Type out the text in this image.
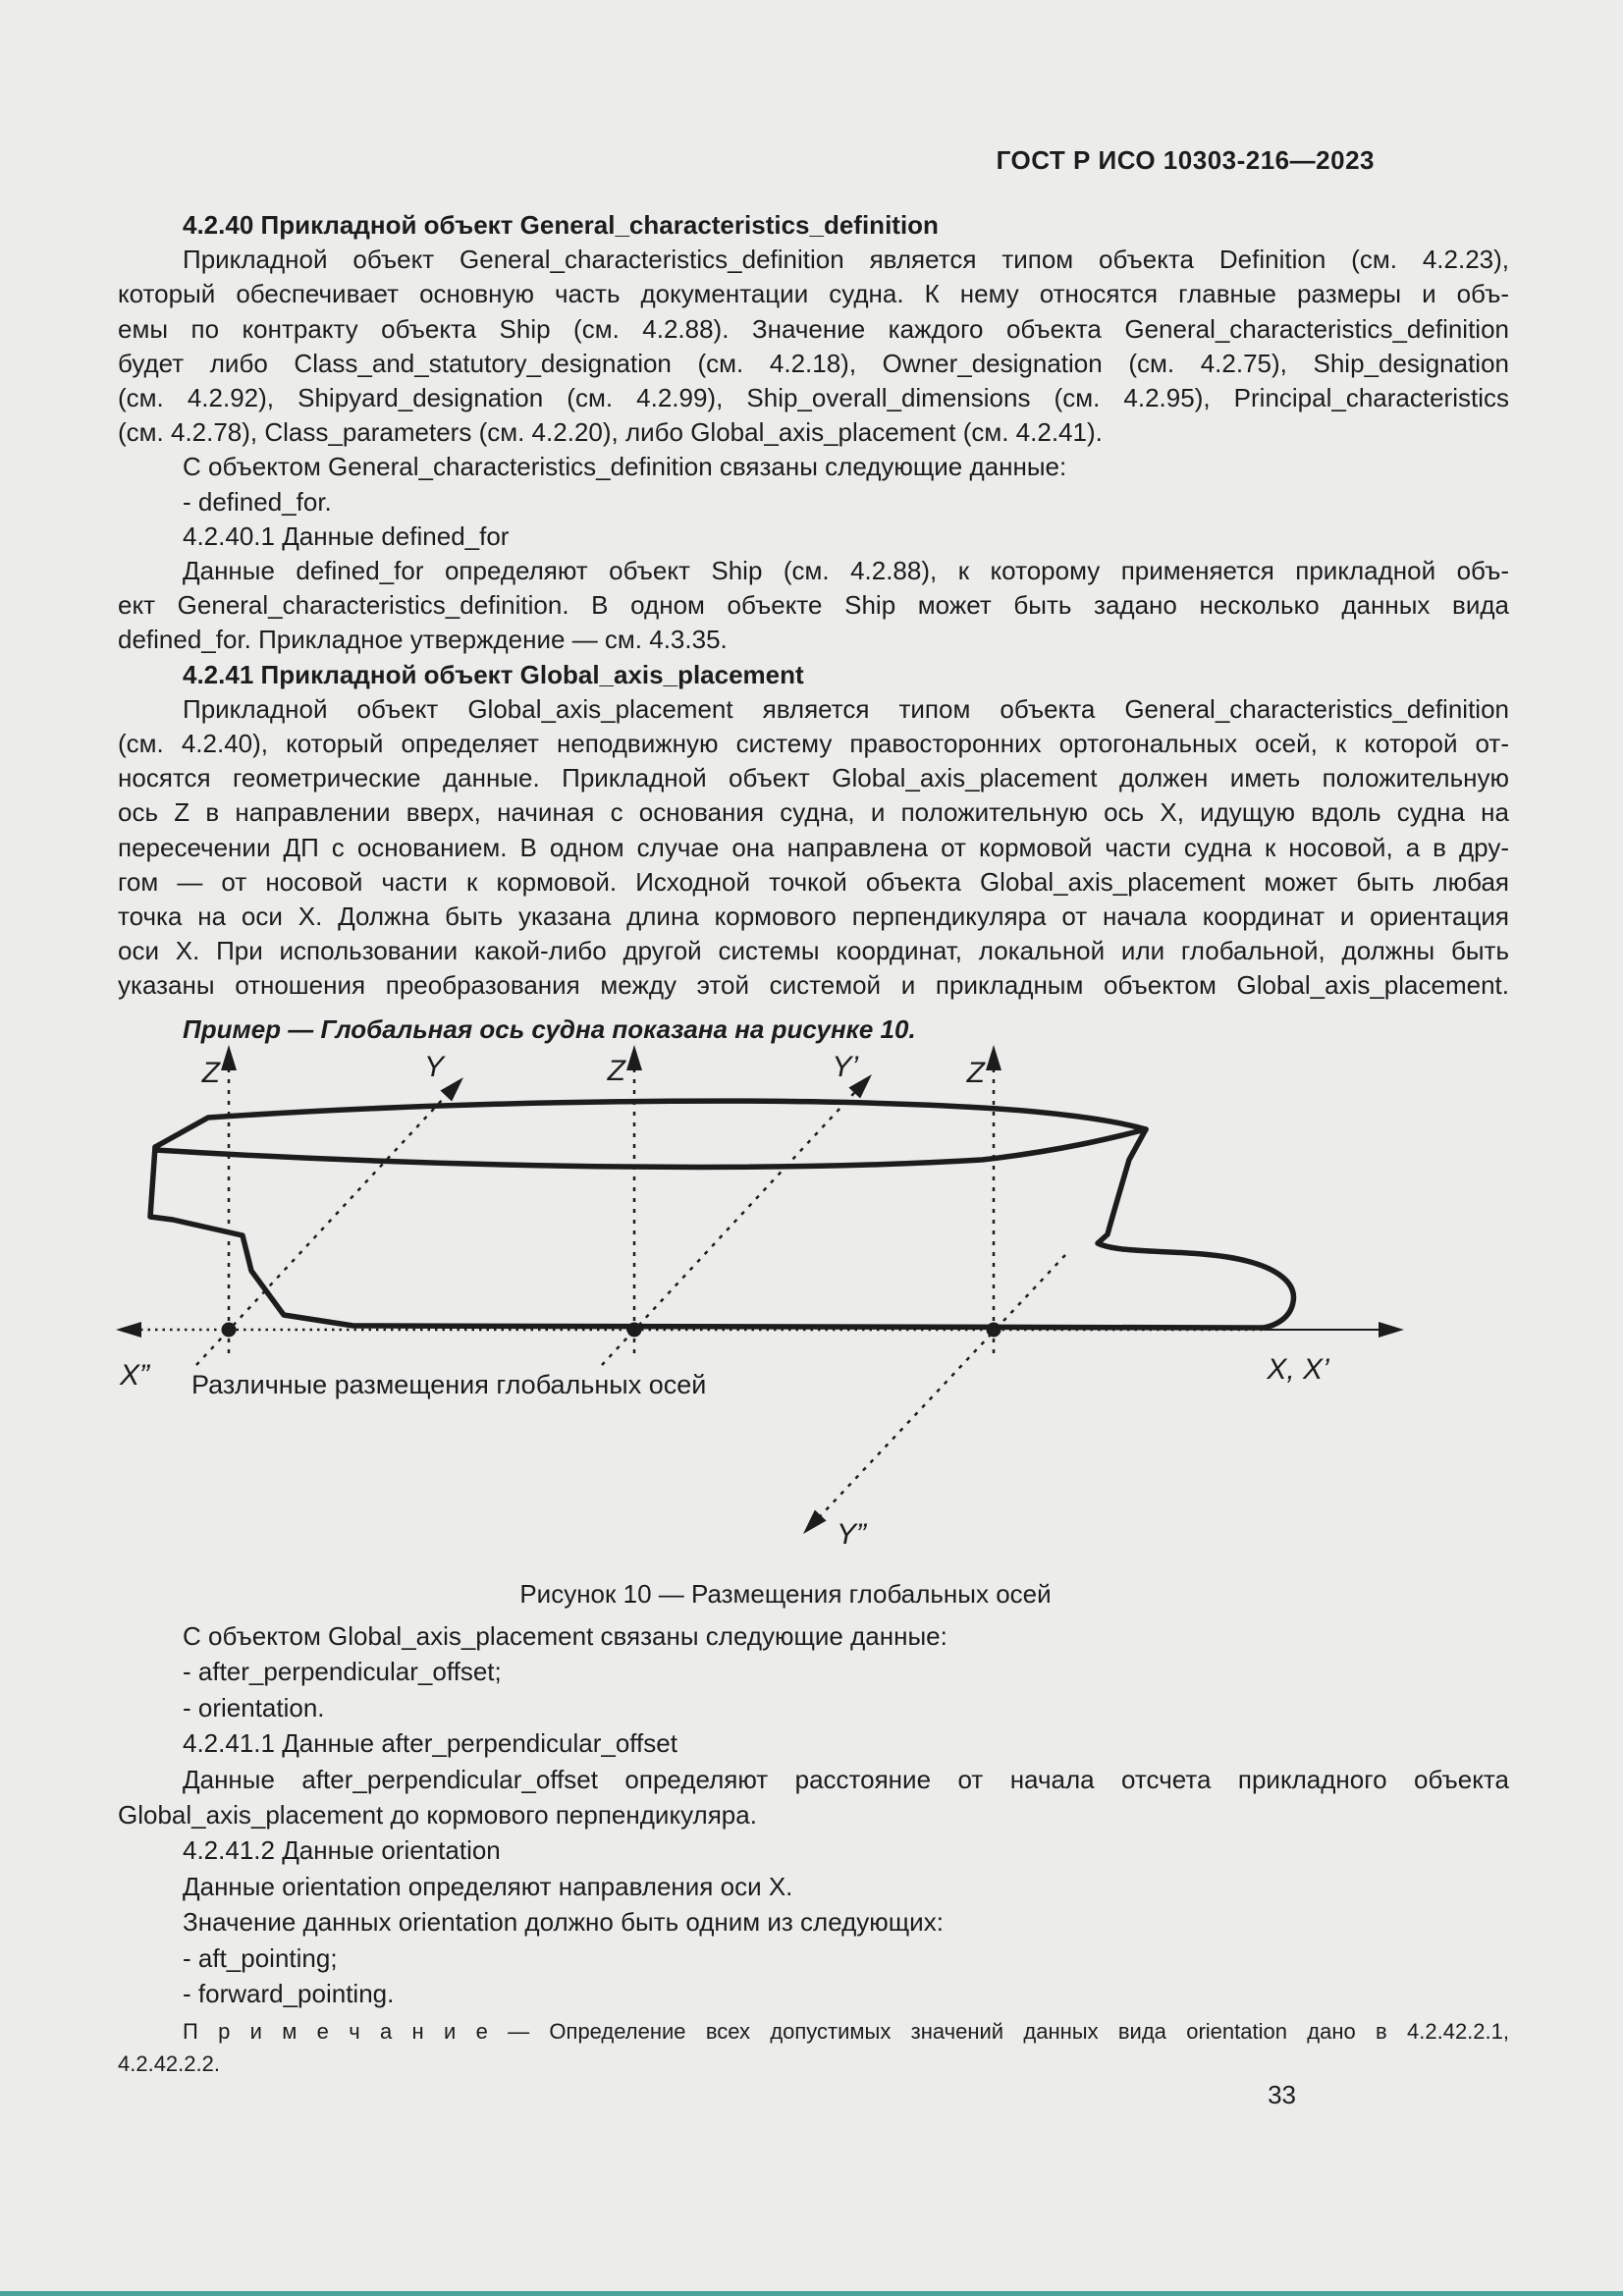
ГОСТ Р ИСО 10303-216—2023
4.2.40 Прикладной объект General_characteristics_definition
Прикладной объект General_characteristics_definition является типом объекта Definition (см. 4.2.23),
который обеспечивает основную часть документации судна. К нему относятся главные размеры и объ-
емы по контракту объекта Ship (см. 4.2.88). Значение каждого объекта General_characteristics_definition
будет либо Class_and_statutory_designation (см. 4.2.18), Owner_designation (см. 4.2.75), Ship_designation
(см. 4.2.92), Shipyard_designation (см. 4.2.99), Ship_overall_dimensions (см. 4.2.95), Principal_characteristics
(см. 4.2.78), Class_parameters (см. 4.2.20), либо Global_axis_placement (см. 4.2.41).
С объектом General_characteristics_definition связаны следующие данные:
- defined_for.
4.2.40.1 Данные defined_for
Данные defined_for определяют объект Ship (см. 4.2.88), к которому применяется прикладной объ-
ект General_characteristics_definition. В одном объекте Ship может быть задано несколько данных вида
defined_for. Прикладное утверждение — см. 4.3.35.
4.2.41 Прикладной объект Global_axis_placement
Прикладной объект Global_axis_placement является типом объекта General_characteristics_definition
(см. 4.2.40), который определяет неподвижную систему правосторонних ортогональных осей, к которой от-
носятся геометрические данные. Прикладной объект Global_axis_placement должен иметь положительную
ось Z в направлении вверх, начиная с основания судна, и положительную ось X, идущую вдоль судна на
пересечении ДП с основанием. В одном случае она направлена от кормовой части судна к носовой, а в дру-
гом — от носовой части к кормовой. Исходной точкой объекта Global_axis_placement может быть любая
точка на оси X. Должна быть указана длина кормового перпендикуляра от начала координат и ориентация
оси X. При использовании какой-либо другой системы координат, локальной или глобальной, должны быть
указаны отношения преобразования между этой системой и прикладным объектом Global_axis_placement.
Пример — Глобальная ось судна показана на рисунке 10.
Z	Y	Z	Y’	Z
X”	X, X’
Y”
Различные размещения глобальных осей
Рисунок 10 — Размещения глобальных осей
С объектом Global_axis_placement связаны следующие данные:
- after_perpendicular_offset;
- orientation.
4.2.41.1 Данные after_perpendicular_offset
Данные after_perpendicular_offset определяют расстояние от начала отсчета прикладного объекта
Global_axis_placement до кормового перпендикуляра.
4.2.41.2 Данные orientation
Данные orientation определяют направления оси X.
Значение данных orientation должно быть одним из следующих:
- aft_pointing;
- forward_pointing.
П р и м е ч а н и е — Определение всех допустимых значений данных вида orientation дано в 4.2.42.2.1,
4.2.42.2.2.
33
